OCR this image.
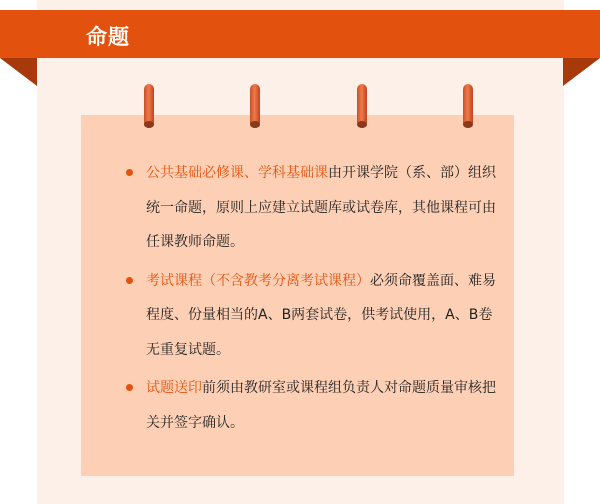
命题
公共基础必修课、学科基础课由开课学院（系、部）组织统一命题，原则上应建立试题库或试卷库，其他课程可由任课教师命题。
考试课程（不含教考分离考试课程）必须命覆盖面、难易程度、份量相当的A、B两套试卷，供考试使用，A、B卷无重复试题。
试题送印前须由教研室或课程组负责人对命题质量审核把关并签字确认。
